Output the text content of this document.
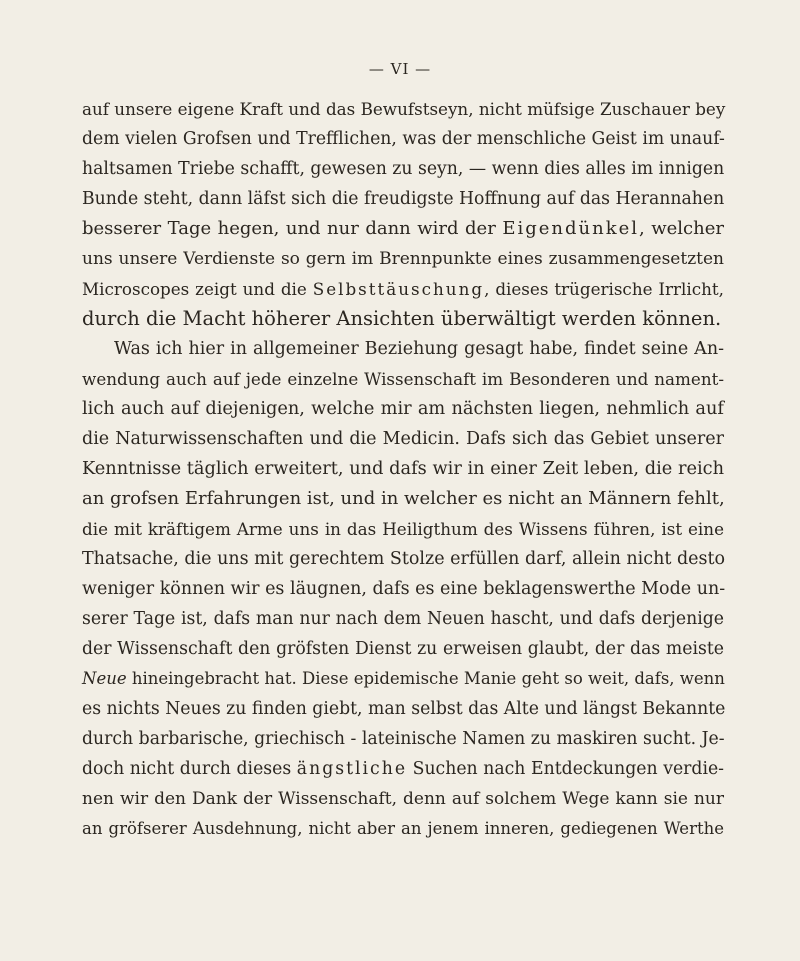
— VI —
auf unsere eigene Kraft und das Bewufstseyn, nicht müfsige Zuschauer bey
dem vielen Grofsen und Trefflichen, was der menschliche Geist im unauf-
haltsamen Triebe schafft, gewesen zu seyn, — wenn dies alles im innigen
Bunde steht, dann läfst sich die freudigste Hoffnung auf das Herannahen
besserer Tage hegen, und nur dann wird der Eigendünkel, welcher
uns unsere Verdienste so gern im Brennpunkte eines zusammengesetzten
Microscopes zeigt und die Selbsttäuschung, dieses trügerische Irrlicht,
durch die Macht höherer Ansichten überwältigt werden können.
Was ich hier in allgemeiner Beziehung gesagt habe, findet seine An-
wendung auch auf jede einzelne Wissenschaft im Besonderen und nament-
lich auch auf diejenigen, welche mir am nächsten liegen, nehmlich auf
die Naturwissenschaften und die Medicin. Dafs sich das Gebiet unserer
Kenntnisse täglich erweitert, und dafs wir in einer Zeit leben, die reich
an grofsen Erfahrungen ist, und in welcher es nicht an Männern fehlt,
die mit kräftigem Arme uns in das Heiligthum des Wissens führen, ist eine
Thatsache, die uns mit gerechtem Stolze erfüllen darf, allein nicht desto
weniger können wir es läugnen, dafs es eine beklagenswerthe Mode un-
serer Tage ist, dafs man nur nach dem Neuen hascht, und dafs derjenige
der Wissenschaft den gröfsten Dienst zu erweisen glaubt, der das meiste
Neue hineingebracht hat. Diese epidemische Manie geht so weit, dafs, wenn
es nichts Neues zu finden giebt, man selbst das Alte und längst Bekannte
durch barbarische, griechisch - lateinische Namen zu maskiren sucht. Je-
doch nicht durch dieses ängstliche Suchen nach Entdeckungen verdie-
nen wir den Dank der Wissenschaft, denn auf solchem Wege kann sie nur
an gröfserer Ausdehnung, nicht aber an jenem inneren, gediegenen Werthe
